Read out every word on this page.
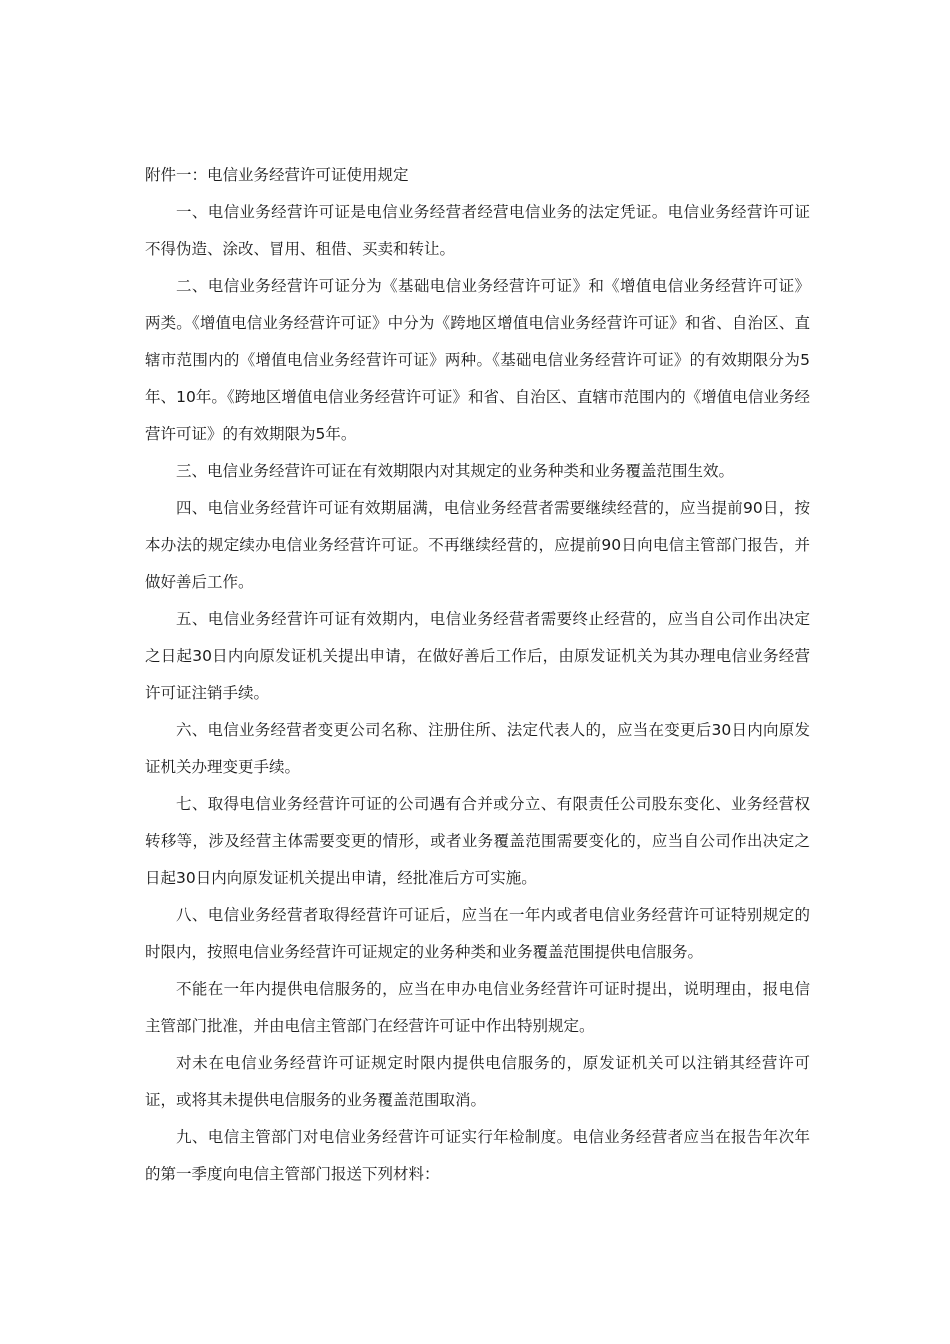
附件一：电信业务经营许可证使用规定

一、电信业务经营许可证是电信业务经营者经营电信业务的法定凭证。电信业务经营许可证不得伪造、涂改、冒用、租借、买卖和转让。

二、电信业务经营许可证分为《基础电信业务经营许可证》和《增值电信业务经营许可证》两类。《增值电信业务经营许可证》中分为《跨地区增值电信业务经营许可证》和省、自治区、直辖市范围内的《增值电信业务经营许可证》两种。《基础电信业务经营许可证》的有效期限分为5年、10年。《跨地区增值电信业务经营许可证》和省、自治区、直辖市范围内的《增值电信业务经营许可证》的有效期限为5年。

三、电信业务经营许可证在有效期限内对其规定的业务种类和业务覆盖范围生效。

四、电信业务经营许可证有效期届满，电信业务经营者需要继续经营的，应当提前90日，按本办法的规定续办电信业务经营许可证。不再继续经营的，应提前90日向电信主管部门报告，并做好善后工作。

五、电信业务经营许可证有效期内，电信业务经营者需要终止经营的，应当自公司作出决定之日起30日内向原发证机关提出申请，在做好善后工作后，由原发证机关为其办理电信业务经营许可证注销手续。

六、电信业务经营者变更公司名称、注册住所、法定代表人的，应当在变更后30日内向原发证机关办理变更手续。

七、取得电信业务经营许可证的公司遇有合并或分立、有限责任公司股东变化、业务经营权转移等，涉及经营主体需要变更的情形，或者业务覆盖范围需要变化的，应当自公司作出决定之日起30日内向原发证机关提出申请，经批准后方可实施。

八、电信业务经营者取得经营许可证后，应当在一年内或者电信业务经营许可证特别规定的时限内，按照电信业务经营许可证规定的业务种类和业务覆盖范围提供电信服务。

不能在一年内提供电信服务的，应当在申办电信业务经营许可证时提出，说明理由，报电信主管部门批准，并由电信主管部门在经营许可证中作出特别规定。

对未在电信业务经营许可证规定时限内提供电信服务的，原发证机关可以注销其经营许可证，或将其未提供电信服务的业务覆盖范围取消。

九、电信主管部门对电信业务经营许可证实行年检制度。电信业务经营者应当在报告年次年的第一季度向电信主管部门报送下列材料：
